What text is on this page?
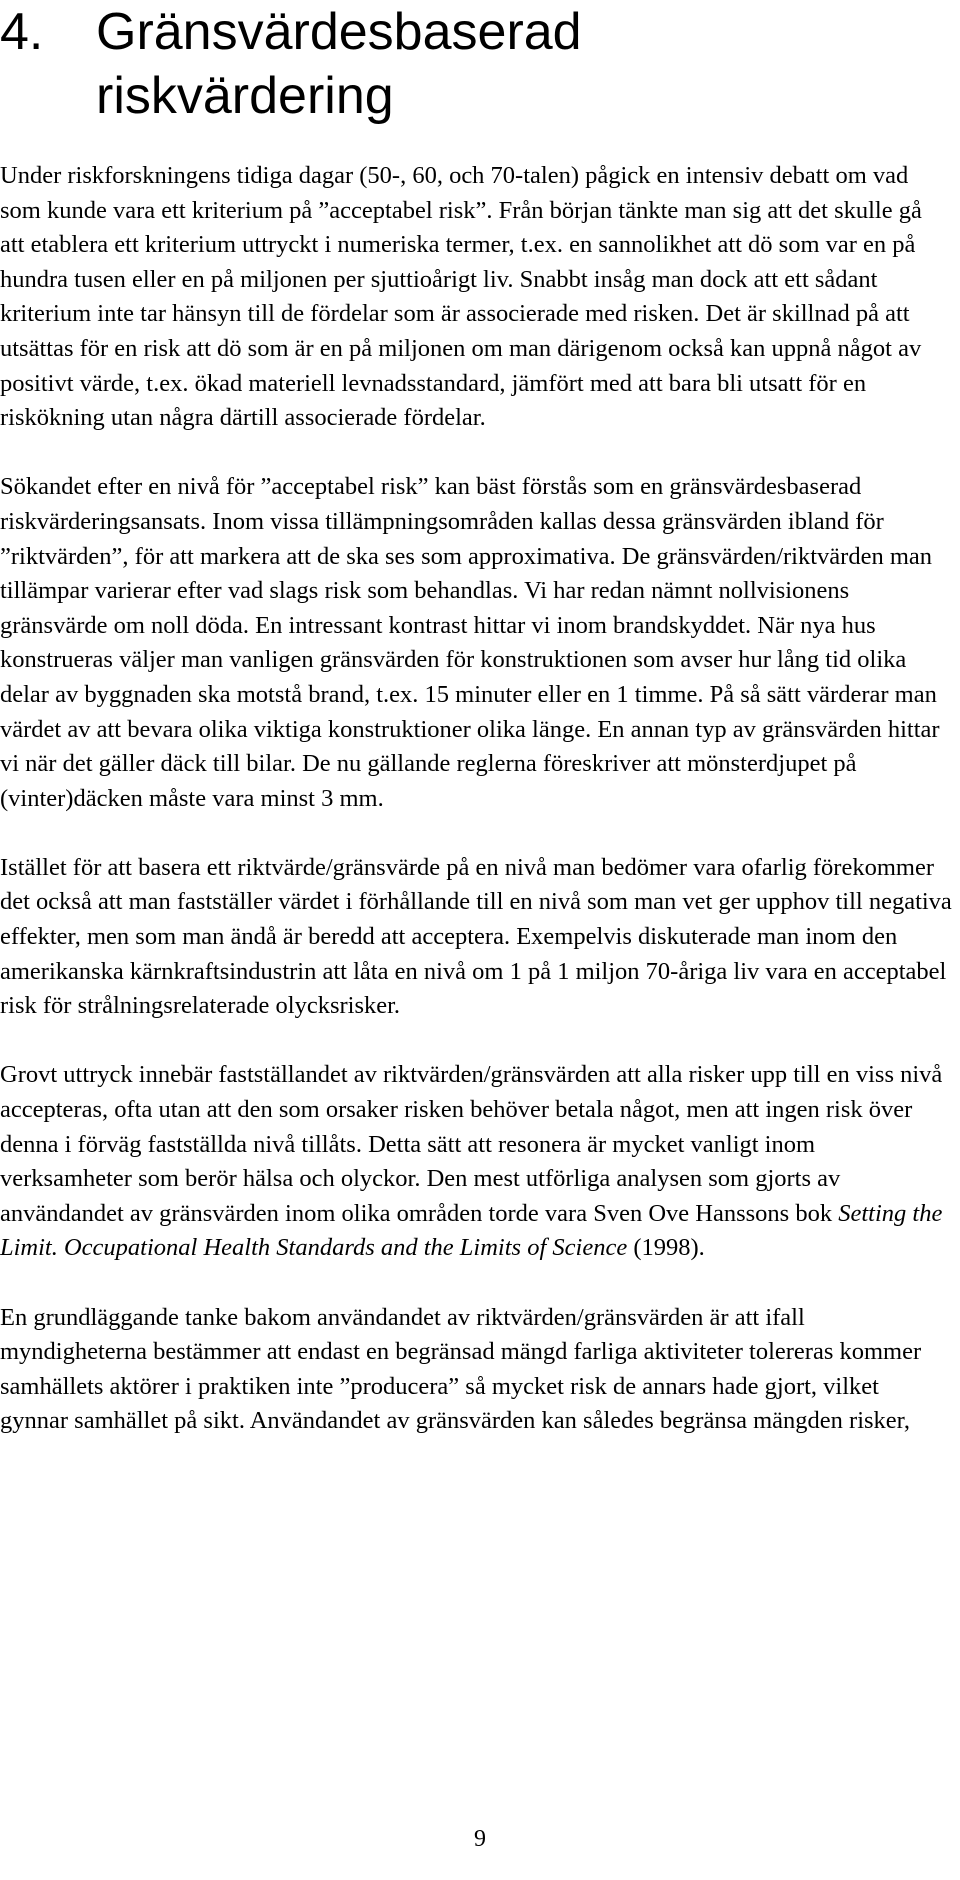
4. Gränsvärdesbaserad
riskvärdering

Under riskforskningens tidiga dagar (50-, 60, och 70-talen) pågick en intensiv debatt om vad som kunde vara ett kriterium på ”acceptabel risk”. Från början tänkte man sig att det skulle gå att etablera ett kriterium uttryckt i numeriska termer, t.ex. en sannolikhet att dö som var en på hundra tusen eller en på miljonen per sjuttioårigt liv. Snabbt insåg man dock att ett sådant kriterium inte tar hänsyn till de fördelar som är associerade med risken. Det är skillnad på att utsättas för en risk att dö som är en på miljonen om man därigenom också kan uppnå något av positivt värde, t.ex. ökad materiell levnadsstandard, jämfört med att bara bli utsatt för en riskökning utan några därtill associerade fördelar.

Sökandet efter en nivå för ”acceptabel risk” kan bäst förstås som en gränsvärdesbaserad riskvärderingsansats. Inom vissa tillämpningsområden kallas dessa gränsvärden ibland för ”riktvärden”, för att markera att de ska ses som approximativa. De gränsvärden/riktvärden man tillämpar varierar efter vad slags risk som behandlas. Vi har redan nämnt nollvisionens gränsvärde om noll döda. En intressant kontrast hittar vi inom brandskyddet. När nya hus konstrueras väljer man vanligen gränsvärden för konstruktionen som avser hur lång tid olika delar av byggnaden ska motstå brand, t.ex. 15 minuter eller en 1 timme. På så sätt värderar man värdet av att bevara olika viktiga konstruktioner olika länge. En annan typ av gränsvärden hittar vi när det gäller däck till bilar. De nu gällande reglerna föreskriver att mönsterdjupet på (vinter)däcken måste vara minst 3 mm.

Istället för att basera ett riktvärde/gränsvärde på en nivå man bedömer vara ofarlig förekommer det också att man fastställer värdet i förhållande till en nivå som man vet ger upphov till negativa effekter, men som man ändå är beredd att acceptera. Exempelvis diskuterade man inom den amerikanska kärnkraftsindustrin att låta en nivå om 1 på 1 miljon 70-åriga liv vara en acceptabel risk för strålningsrelaterade olycksrisker.

Grovt uttryck innebär fastställandet av riktvärden/gränsvärden att alla risker upp till en viss nivå accepteras, ofta utan att den som orsaker risken behöver betala något, men att ingen risk över denna i förväg fastställda nivå tillåts. Detta sätt att resonera är mycket vanligt inom verksamheter som berör hälsa och olyckor. Den mest utförliga analysen som gjorts av användandet av gränsvärden inom olika områden torde vara Sven Ove Hanssons bok Setting the Limit. Occupational Health Standards and the Limits of Science (1998).

En grundläggande tanke bakom användandet av riktvärden/gränsvärden är att ifall myndigheterna bestämmer att endast en begränsad mängd farliga aktiviteter tolereras kommer samhällets aktörer i praktiken inte ”producera” så mycket risk de annars hade gjort, vilket gynnar samhället på sikt. Användandet av gränsvärden kan således begränsa mängden risker,

9
